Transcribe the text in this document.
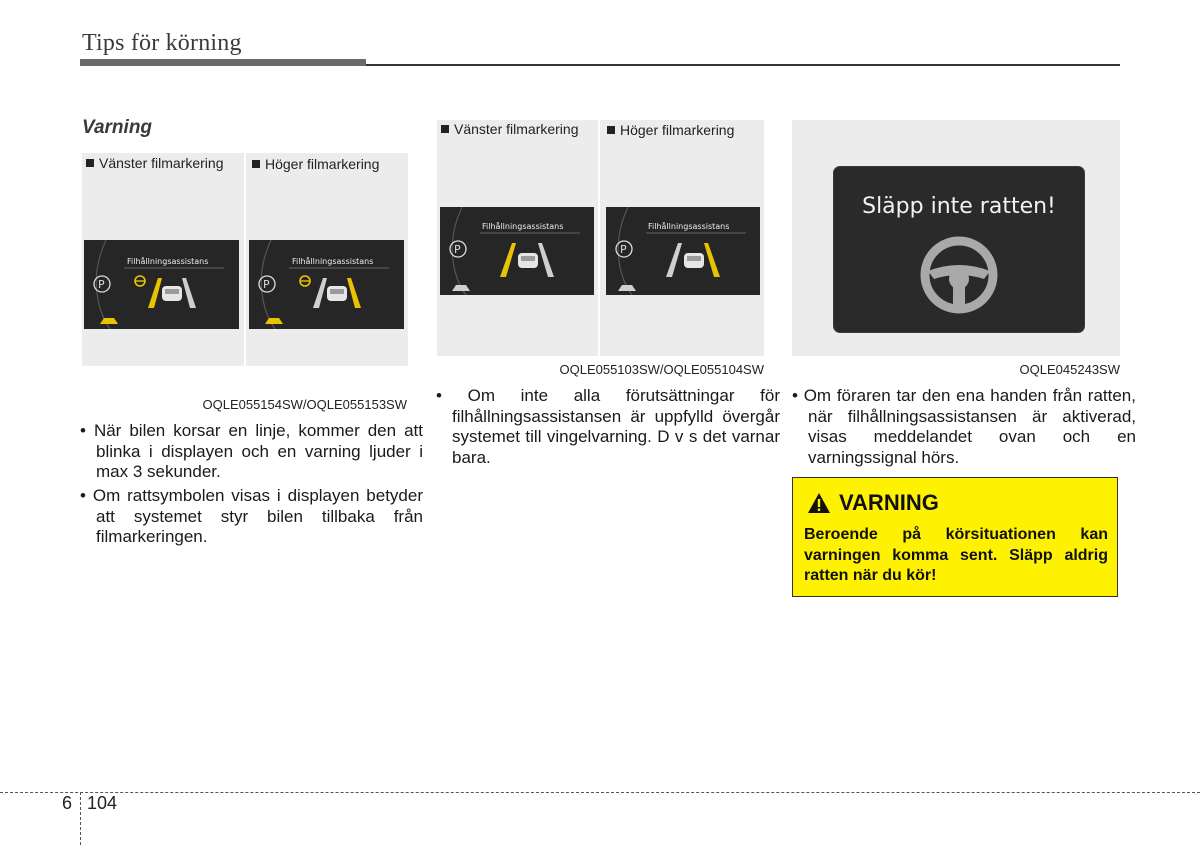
Tips för körning
Varning
Vänster filmarkering	Höger filmarkering
Filhållningsassistans
P
Filhållningsassistans
P
OQLE055154SW/OQLE055153SW
• När bilen korsar en linje, kommer den att blinka i displayen och en varning ljuder i max 3 sekunder.
• Om rattsymbolen visas i displayen betyder att systemet styr bilen tillbaka från filmarkeringen.
Vänster filmarkering	Höger filmarkering
Filhållningsassistans
P
Filhållningsassistans
P
OQLE055103SW/OQLE055104SW
• Om inte alla förutsättningar för filhållningsassistansen är uppfylld övergår systemet till vingelvarning. D v s det varnar bara.
Släpp inte ratten!
OQLE045243SW
• Om föraren tar den ena handen från ratten, när filhållningsassistansen är aktiverad, visas meddelandet ovan och en varningssignal hörs.
VARNING
Beroende på körsituationen kan varningen komma sent. Släpp aldrig ratten när du kör!
6 104
